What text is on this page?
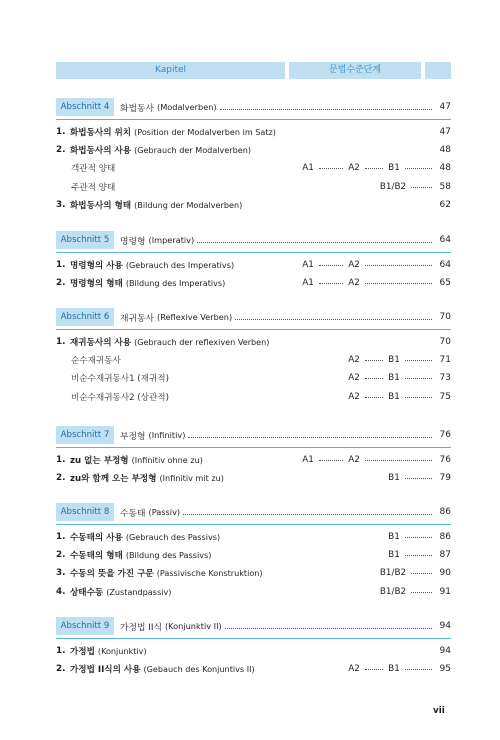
Kapitel	문법수준단계
Abschnitt 4	화법동사 (Modalverben)	47
1. 화법동사의 위치 (Position der Modalverben im Satz)	47
2. 화법동사의 사용 (Gebrauch der Modalverben)	48
객관적 양태	A1	A2	B1	48
주관적 양태	B1/B2	58
3. 화법동사의 형태 (Bildung der Modalverben)	62
Abschnitt 5	명령형 (Imperativ)	64
1. 명령형의 사용 (Gebrauch des Imperativs)	A1	A2	64
2. 명령형의 형태 (Bildung des Imperativs)	A1	A2	65
Abschnitt 6	재귀동사 (Reflexive Verben)	70
1. 재귀동사의 사용 (Gebrauch der reflexiven Verben)	70
순수재귀동사	A2	B1	71
비순수재귀동사1 (재귀적)	A2	B1	73
비순수재귀동사2 (상관적)	A2	B1	75
Abschnitt 7	부정형 (Infinitiv)	76
1. zu 없는 부정형 (Infinitiv ohne zu)	A1	A2	76
2. zu와 함께 오는 부정형 (Infinitiv mit zu)	B1	79
Abschnitt 8	수동태 (Passiv)	86
1. 수동태의 사용 (Gebrauch des Passivs)	B1	86
2. 수동태의 형태 (Bildung des Passivs)	B1	87
3. 수동의 뜻을 가진 구문 (Passivische Konstruktion)	B1/B2	90
4. 상태수동 (Zustandpassiv)	B1/B2	91
Abschnitt 9	가정법 II식 (Konjunktiv II)	94
1. 가정법 (Konjunktiv)	94
2. 가정법 II식의 사용 (Gebauch des Konjuntivs II)	A2	B1	95
vii
